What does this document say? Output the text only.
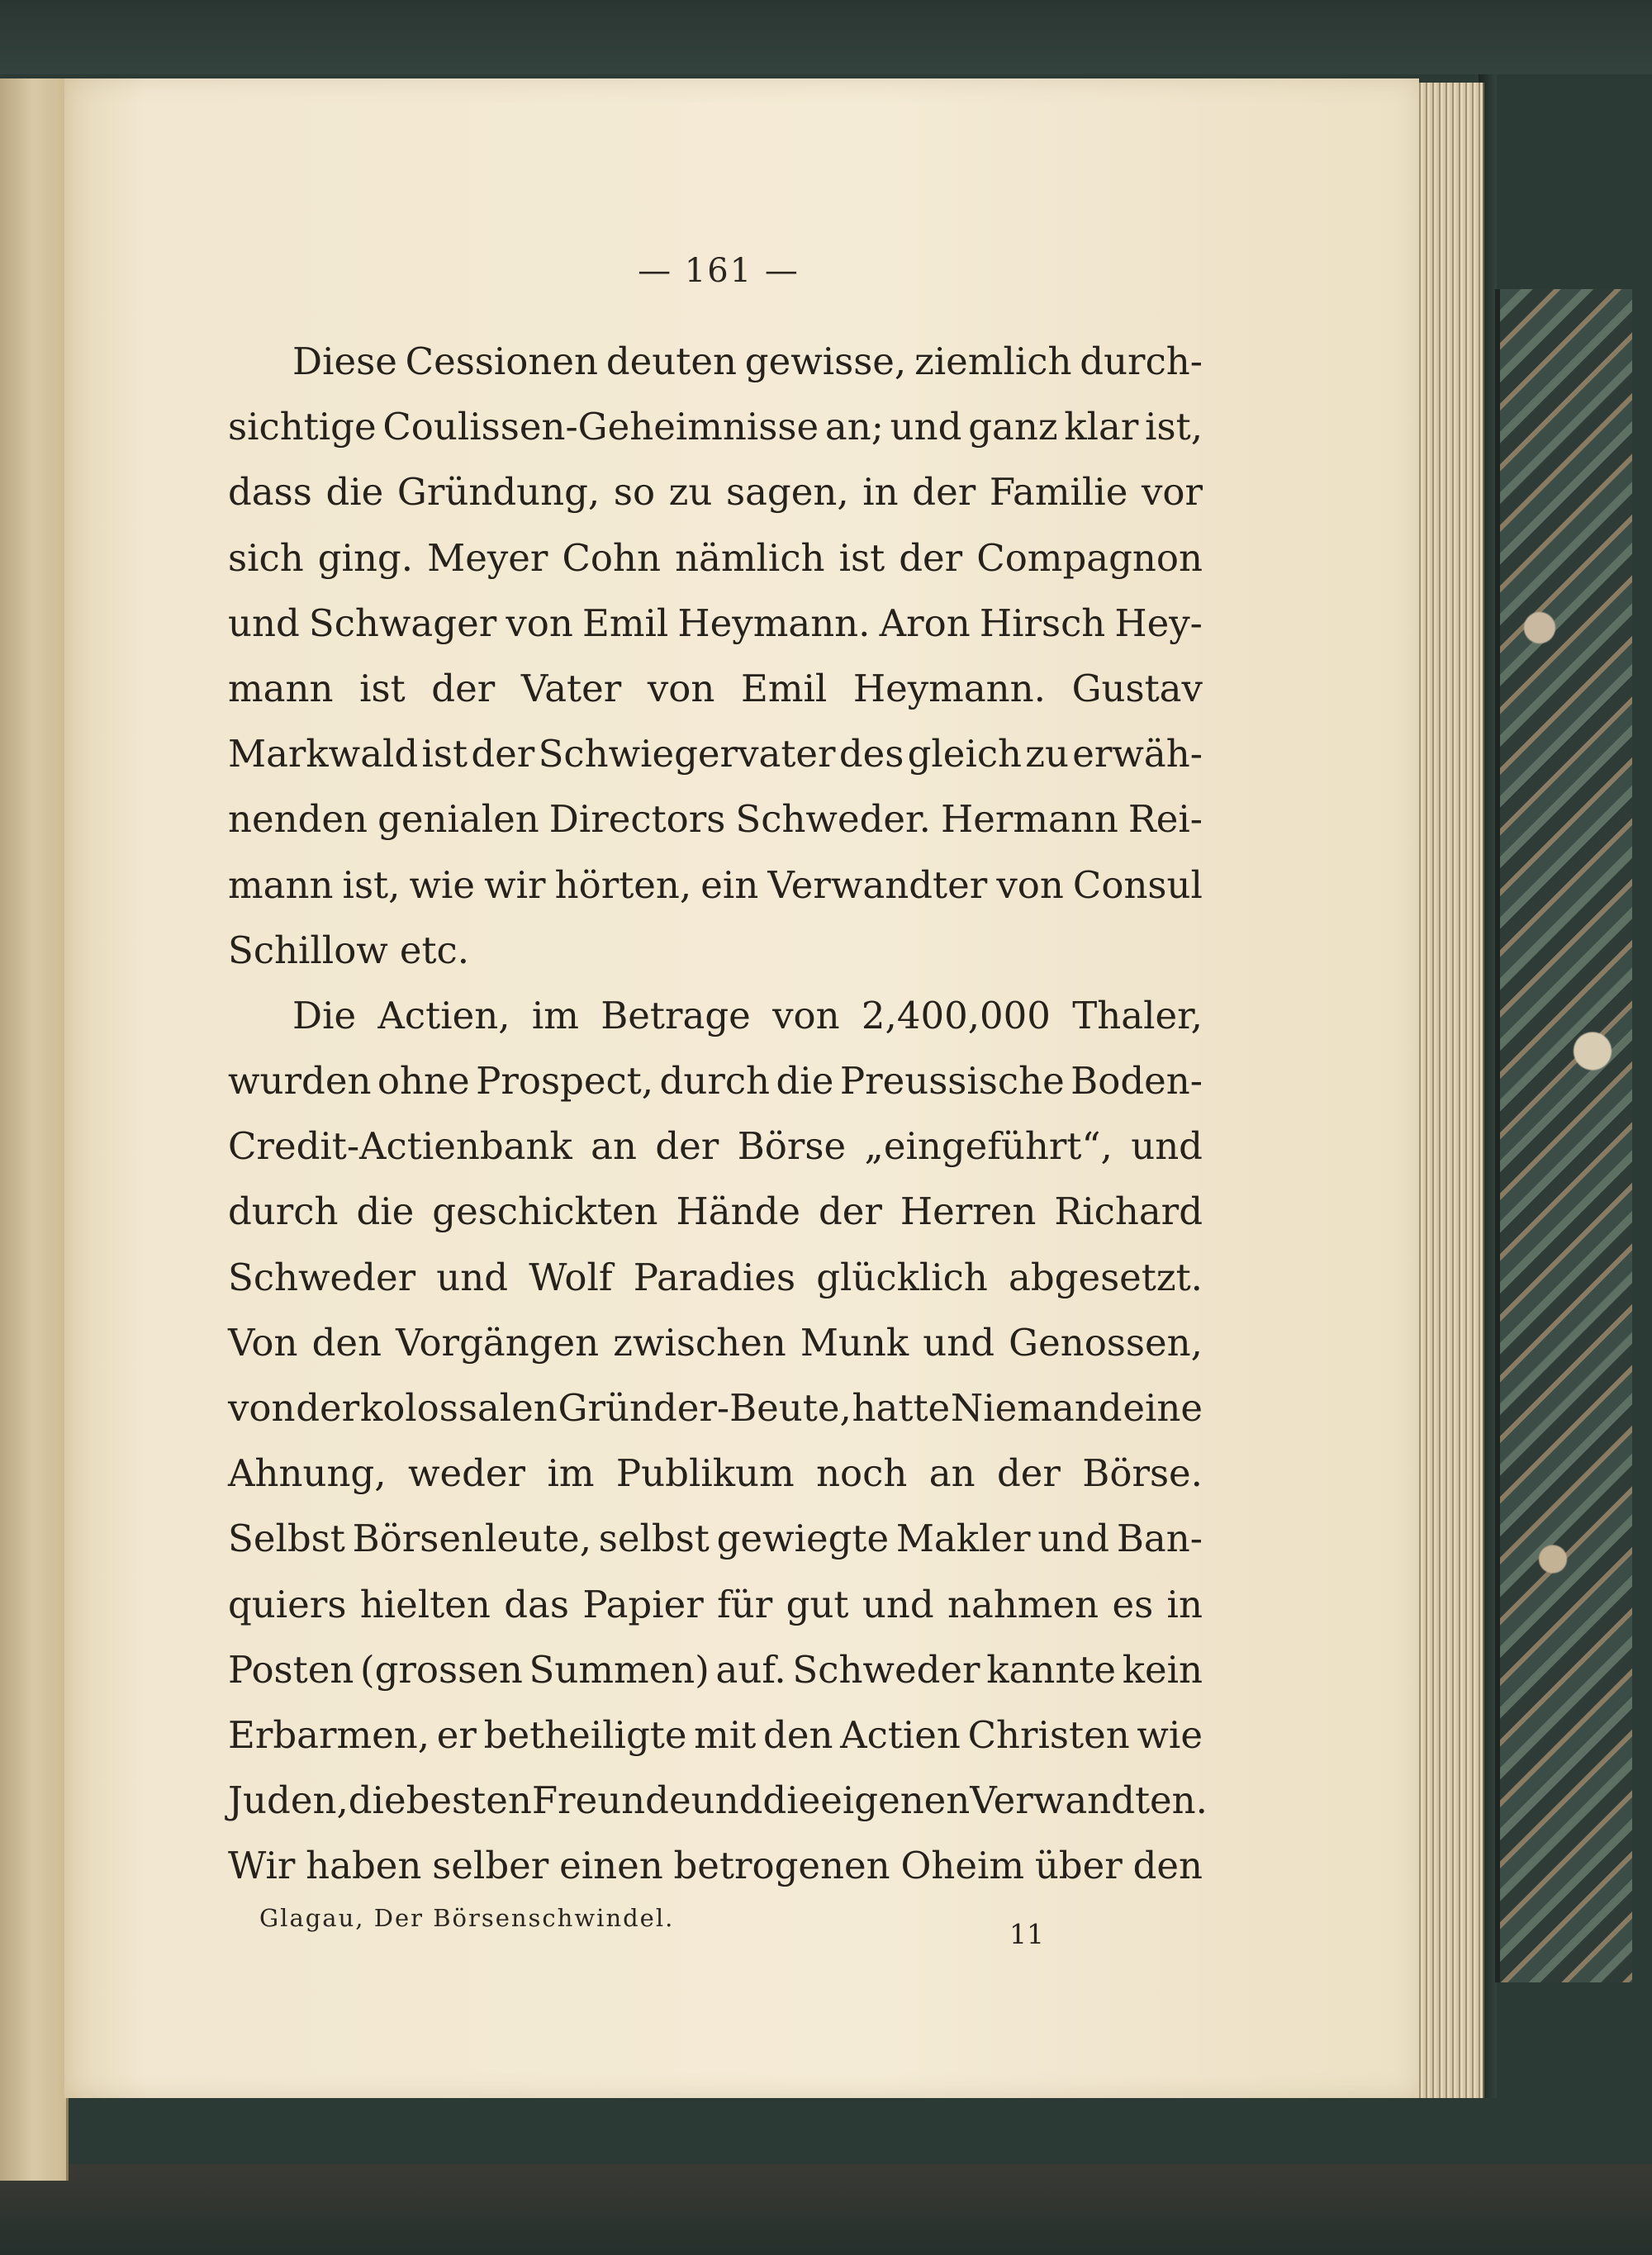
— 161 —
Diese Cessionen deuten gewisse, ziemlich durch-
sichtige Coulissen-Geheimnisse an; und ganz klar ist,
dass die Gründung, so zu sagen, in der Familie vor
sich ging. Meyer Cohn nämlich ist der Compagnon
und Schwager von Emil Heymann. Aron Hirsch Hey-
mann ist der Vater von Emil Heymann. Gustav
Markwald ist der Schwiegervater des gleich zu erwäh-
nenden genialen Directors Schweder. Hermann Rei-
mann ist, wie wir hörten, ein Verwandter von Consul
Schillow etc.
Die Actien, im Betrage von 2,400,000 Thaler,
wurden ohne Prospect, durch die Preussische Boden-
Credit-Actienbank an der Börse „eingeführt“, und
durch die geschickten Hände der Herren Richard
Schweder und Wolf Paradies glücklich abgesetzt.
Von den Vorgängen zwischen Munk und Genossen,
von der kolossalen Gründer-Beute, hatte Niemand eine
Ahnung, weder im Publikum noch an der Börse.
Selbst Börsenleute, selbst gewiegte Makler und Ban-
quiers hielten das Papier für gut und nahmen es in
Posten (grossen Summen) auf. Schweder kannte kein
Erbarmen, er betheiligte mit den Actien Christen wie
Juden, die besten Freunde und die eigenen Verwandten.
Wir haben selber einen betrogenen Oheim über den
Glagau, Der Börsenschwindel.	11
